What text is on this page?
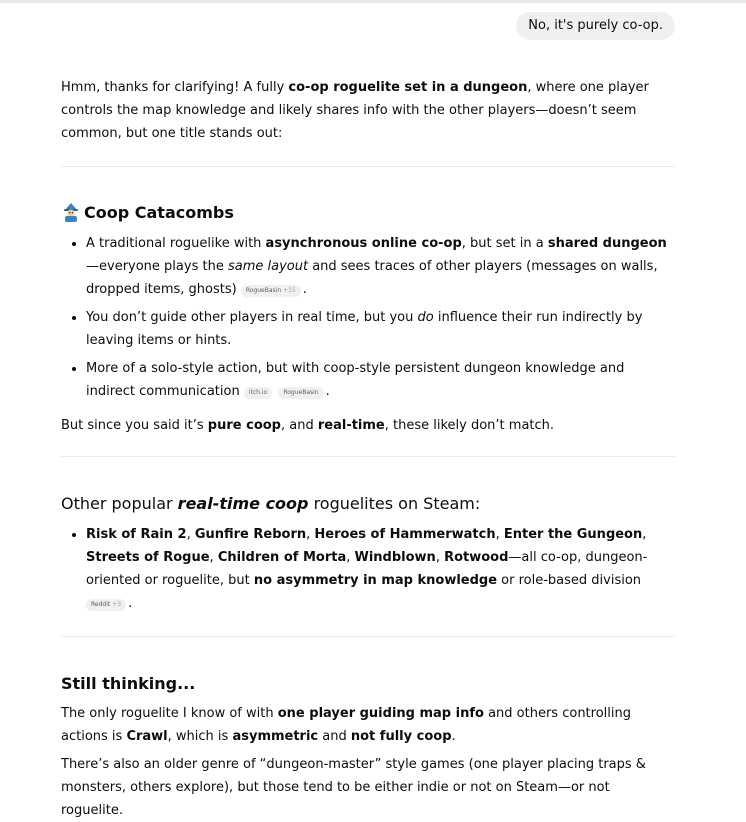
No, it's purely co-op.

Hmm, thanks for clarifying! A fully co-op roguelite set in a dungeon, where one player controls the map knowledge and likely shares info with the other players—doesn’t seem common, but one title stands out:

Coop Catacombs
• A traditional roguelike with asynchronous online co-op, but set in a shared dungeon—everyone plays the same layout and sees traces of other players (messages on walls, dropped items, ghosts) RogueBasin +15 .
• You don’t guide other players in real time, but you do influence their run indirectly by leaving items or hints.
• More of a solo-style action, but with coop-style persistent dungeon knowledge and indirect communication itch.io	RogueBasin .

But since you said it’s pure coop, and real-time, these likely don’t match.

Other popular real-time coop roguelites on Steam:
• Risk of Rain 2, Gunfire Reborn, Heroes of Hammerwatch, Enter the Gungeon, Streets of Rogue, Children of Morta, Windblown, Rotwood—all co-op, dungeon-oriented or roguelite, but no asymmetry in map knowledge or role-based division Reddit +3 .
Still thinking...

The only roguelite I know of with one player guiding map info and others controlling actions is Crawl, which is asymmetric and not fully coop.

There’s also an older genre of “dungeon-master” style games (one player placing traps & monsters, others explore), but those tend to be either indie or not on Steam—or not roguelite.
